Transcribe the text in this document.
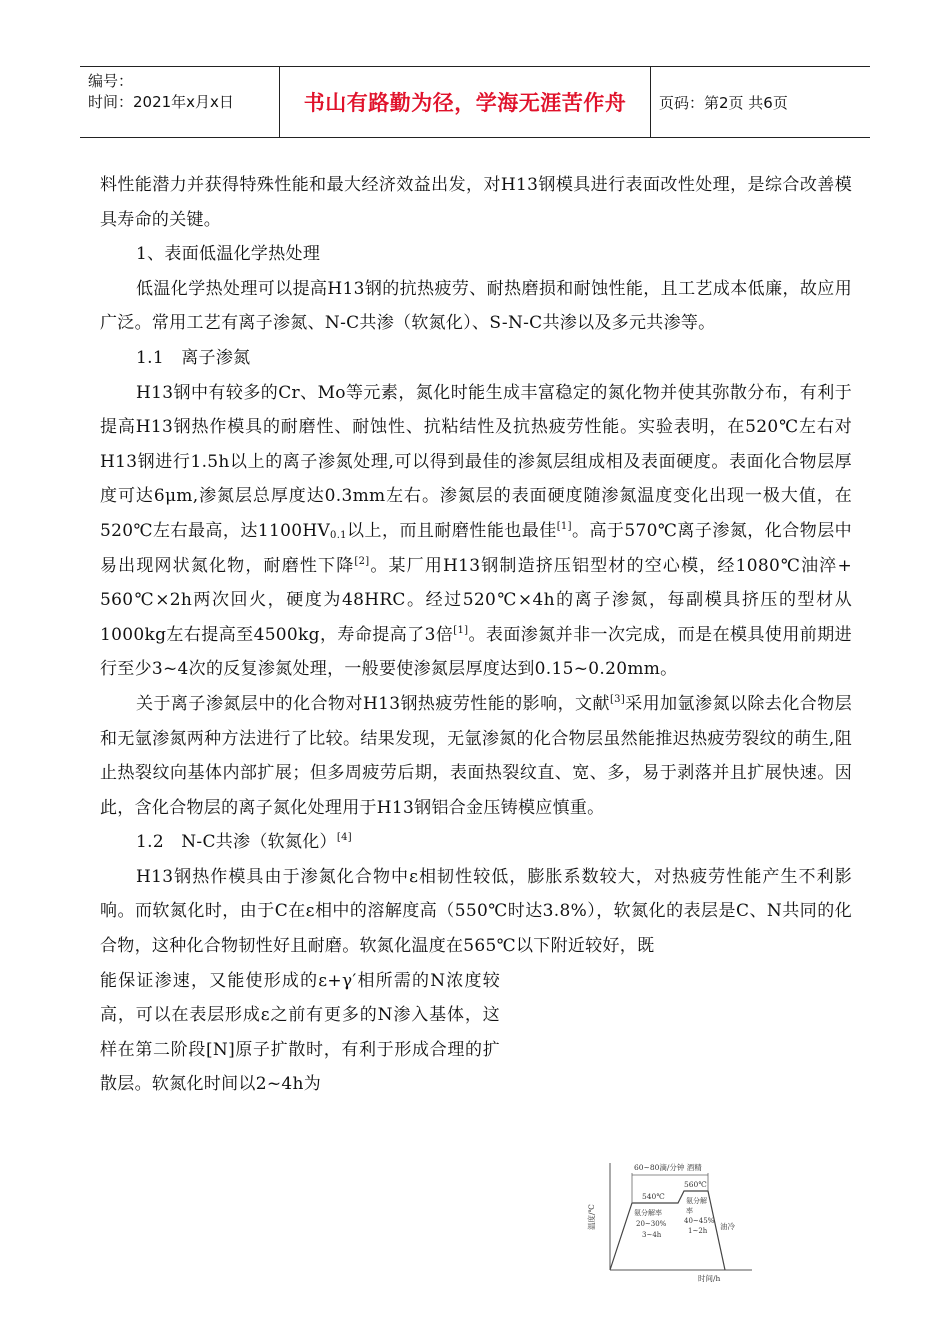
编号：
时间：2021年x月x日	书山有路勤为径，学海无涯苦作舟	页码：第2页 共6页

料性能潜力并获得特殊性能和最大经济效益出发，对H13钢模具进行表面改性处理，是综合改善模具寿命的关键。

1、表面低温化学热处理

低温化学热处理可以提高H13钢的抗热疲劳、耐热磨损和耐蚀性能，且工艺成本低廉，故应用广泛。常用工艺有离子渗氮、N-C共渗（软氮化）、S-N-C共渗以及多元共渗等。

1.1　离子渗氮

H13钢中有较多的Cr、Mo等元素，氮化时能生成丰富稳定的氮化物并使其弥散分布，有利于提高H13钢热作模具的耐磨性、耐蚀性、抗粘结性及抗热疲劳性能。实验表明，在520℃左右对H13钢进行1.5h以上的离子渗氮处理,可以得到最佳的渗氮层组成相及表面硬度。表面化合物层厚度可达6μm,渗氮层总厚度达0.3mm左右。渗氮层的表面硬度随渗氮温度变化出现一极大值，在520℃左右最高，达$1100HV_{0.1}$以上，而且耐磨性能也最佳[1]。高于570℃离子渗氮，化合物层中易出现网状氮化物，耐磨性下降[2]。某厂用H13钢制造挤压铝型材的空心模，经1080℃油淬+ 560℃×2h两次回火，硬度为48HRC。经过520℃×4h的离子渗氮，每副模具挤压的型材从1000kg左右提高至4500kg，寿命提高了3倍[1]。表面渗氮并非一次完成，而是在模具使用前期进行至少3~4次的反复渗氮处理，一般要使渗氮层厚度达到0.15~0.20mm。

关于离子渗氮层中的化合物对H13钢热疲劳性能的影响，文献[3]采用加氩渗氮以除去化合物层和无氩渗氮两种方法进行了比较。结果发现，无氩渗氮的化合物层虽然能推迟热疲劳裂纹的萌生,阻止热裂纹向基体内部扩展；但多周疲劳后期，表面热裂纹直、宽、多，易于剥落并且扩展快速。因此，含化合物层的离子氮化处理用于H13钢铝合金压铸模应慎重。

1.2　N-C共渗（软氮化）[4]

H13钢热作模具由于渗氮化合物中ε相韧性较低，膨胀系数较大，对热疲劳性能产生不利影响。而软氮化时，由于C在ε相中的溶解度高（550℃时达3.8%），软氮化的表层是C、N共同的化合物，这种化合物韧性好且耐磨。软氮化温度在565℃以下附近较好，既

能保证渗速，又能使形成的ε+γ′相所需的N浓度较高，可以在表层形成ε之前有更多的N渗入基体，这样在第二阶段[N]原子扩散时，有利于形成合理的扩散层。软氮化时间以2~4h为

60~80滴/分钟 酒精
温度/℃
时间/h
540℃
560℃
氨分解率
20~30%
3~4h
氨分解
率
40~45%
1~2h 油冷
